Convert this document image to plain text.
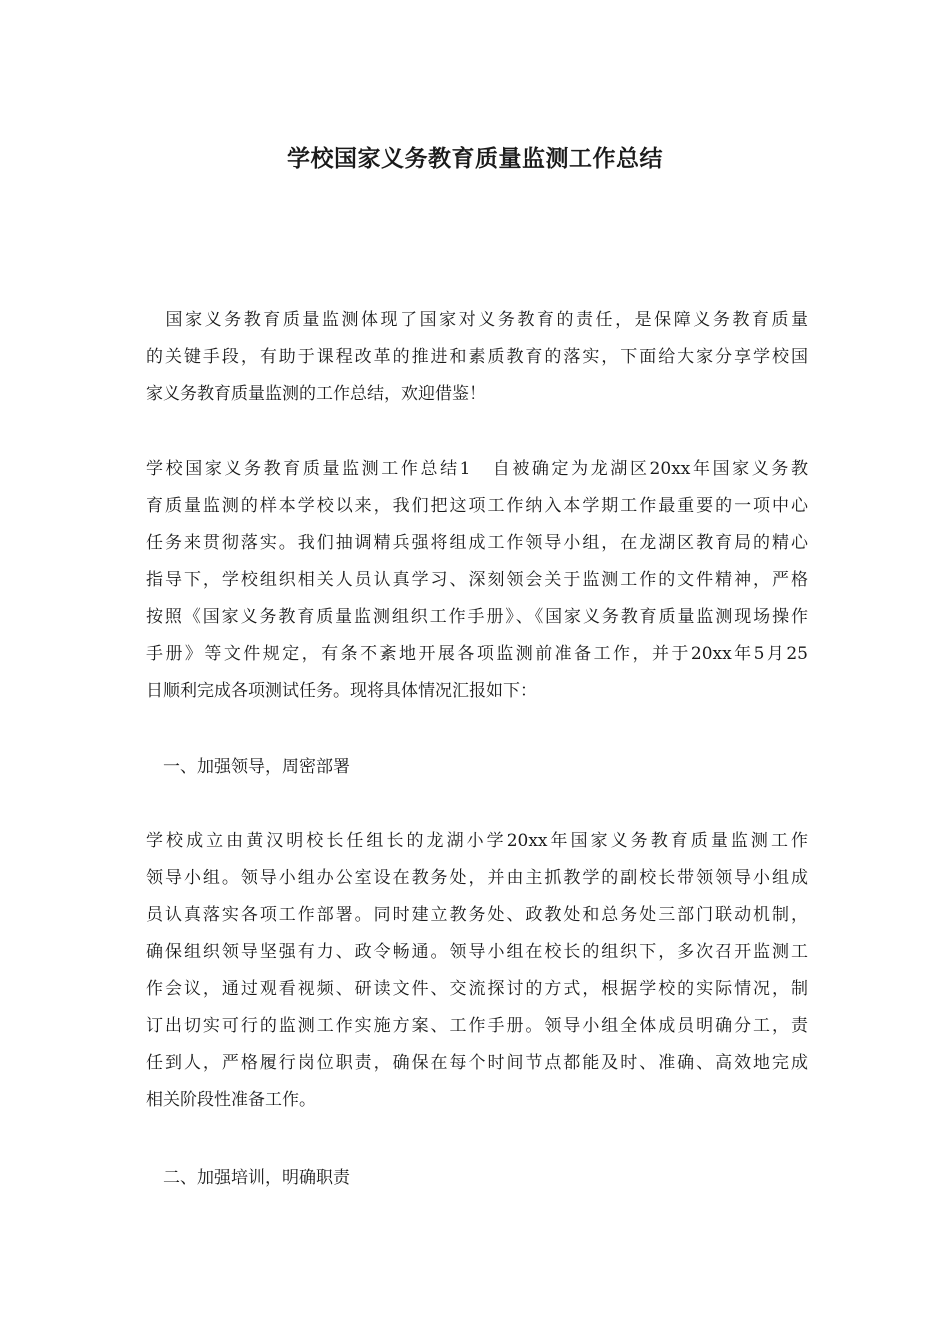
学校国家义务教育质量监测工作总结
　国家义务教育质量监测体现了国家对义务教育的责任，是保障义务教育质量
的关键手段，有助于课程改革的推进和素质教育的落实，下面给大家分享学校国
家义务教育质量监测的工作总结，欢迎借鉴！
学校国家义务教育质量监测工作总结1　自被确定为龙湖区20xx年国家义务教
育质量监测的样本学校以来，我们把这项工作纳入本学期工作最重要的一项中心
任务来贯彻落实。我们抽调精兵强将组成工作领导小组，在龙湖区教育局的精心
指导下，学校组织相关人员认真学习、深刻领会关于监测工作的文件精神，严格
按照《国家义务教育质量监测组织工作手册》、《国家义务教育质量监测现场操作
手册》等文件规定，有条不紊地开展各项监测前准备工作，并于20xx年5月25
日顺利完成各项测试任务。现将具体情况汇报如下：

一、加强领导，周密部署

学校成立由黄汉明校长任组长的龙湖小学20xx年国家义务教育质量监测工作
领导小组。领导小组办公室设在教务处，并由主抓教学的副校长带领领导小组成
员认真落实各项工作部署。同时建立教务处、政教处和总务处三部门联动机制，
确保组织领导坚强有力、政令畅通。领导小组在校长的组织下，多次召开监测工
作会议，通过观看视频、研读文件、交流探讨的方式，根据学校的实际情况，制
订出切实可行的监测工作实施方案、工作手册。领导小组全体成员明确分工，责
任到人，严格履行岗位职责，确保在每个时间节点都能及时、准确、高效地完成
相关阶段性准备工作。

二、加强培训，明确职责
